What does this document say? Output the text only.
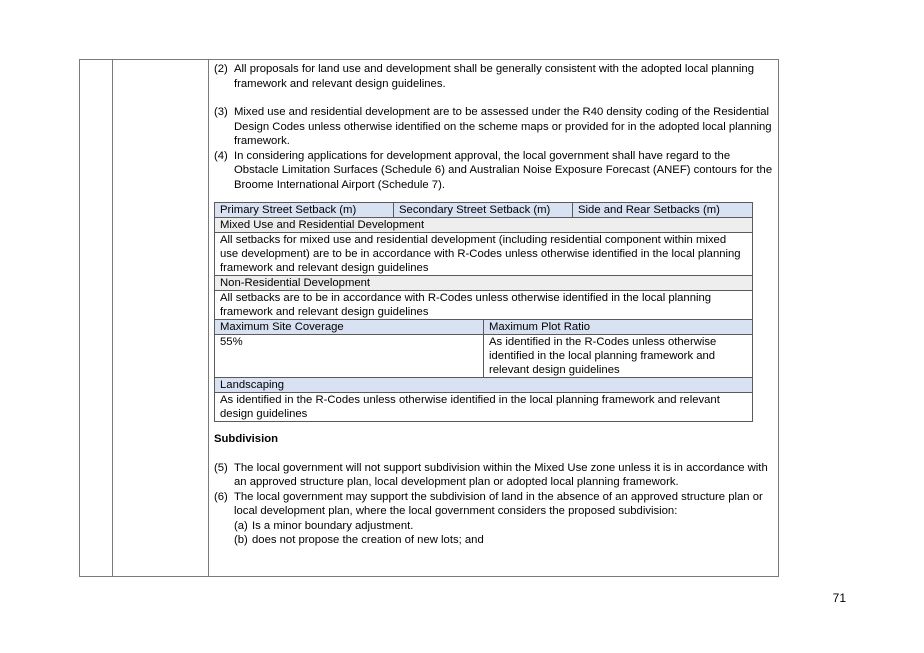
(2) All proposals for land use and development shall be generally consistent with the adopted local planning framework and relevant design guidelines.
(3) Mixed use and residential development are to be assessed under the R40 density coding of the Residential Design Codes unless otherwise identified on the scheme maps or provided for in the adopted local planning framework.
(4) In considering applications for development approval, the local government shall have regard to the Obstacle Limitation Surfaces (Schedule 6) and Australian Noise Exposure Forecast (ANEF) contours for the Broome International Airport (Schedule 7).
Primary Street Setback (m)	Secondary Street Setback (m)		Side and Rear Setbacks (m)
Mixed Use and Residential Development			
All setbacks for mixed use and residential development (including residential component within mixed use development) are to be in accordance with R-Codes unless otherwise identified in the local planning framework and relevant design guidelines			
Non-Residential Development			
All setbacks are to be in accordance with R-Codes unless otherwise identified in the local planning framework and relevant design guidelines			
Maximum Site Coverage		Maximum Plot Ratio	
55%		As identified in the R-Codes unless otherwise identified in the local planning framework and relevant design guidelines	
Landscaping			
As identified in the R-Codes unless otherwise identified in the local planning framework and relevant design guidelines			
Subdivision
(5) The local government will not support subdivision within the Mixed Use zone unless it is in accordance with an approved structure plan, local development plan or adopted local planning framework.
(6) The local government may support the subdivision of land in the absence of an approved structure plan or local development plan, where the local government considers the proposed subdivision:
(a) Is a minor boundary adjustment.
(b) does not propose the creation of new lots; and
71
